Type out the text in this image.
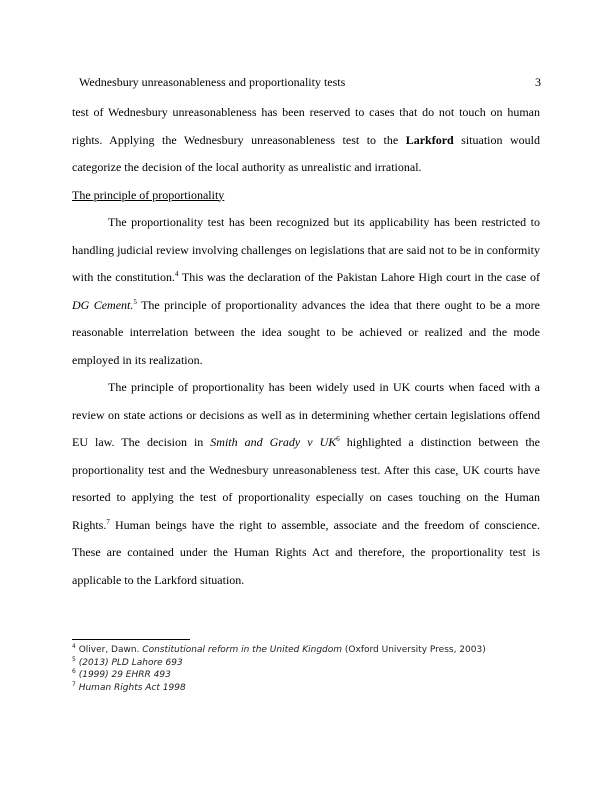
Wednesbury unreasonableness and proportionality tests	3

test of Wednesbury unreasonableness has been reserved to cases that do not touch on human rights. Applying the Wednesbury unreasonableness test to the Larkford situation would categorize the decision of the local authority as unrealistic and irrational.

The principle of proportionality

The proportionality test has been recognized but its applicability has been restricted to handling judicial review involving challenges on legislations that are said not to be in conformity with the constitution.$^4$ This was the declaration of the Pakistan Lahore High court in the case of DG Cement.$^5$ The principle of proportionality advances the idea that there ought to be a more reasonable interrelation between the idea sought to be achieved or realized and the mode employed in its realization.

The principle of proportionality has been widely used in UK courts when faced with a review on state actions or decisions as well as in determining whether certain legislations offend EU law. The decision in Smith and Grady v $UK^6$ highlighted a distinction between the proportionality test and the Wednesbury unreasonableness test. After this case, UK courts have resorted to applying the test of proportionality especially on cases touching on the Human Rights.$^7$ Human beings have the right to assemble, associate and the freedom of conscience. These are contained under the Human Rights Act and therefore, the proportionality test is applicable to the Larkford situation.

$^4$ Oliver, Dawn. Constitutional reform in the United Kingdom (Oxford University Press, 2003)
$^5$ (2013) PLD Lahore 693
$^6$ (1999) 29 EHRR 493
$^7$ Human Rights Act 1998
